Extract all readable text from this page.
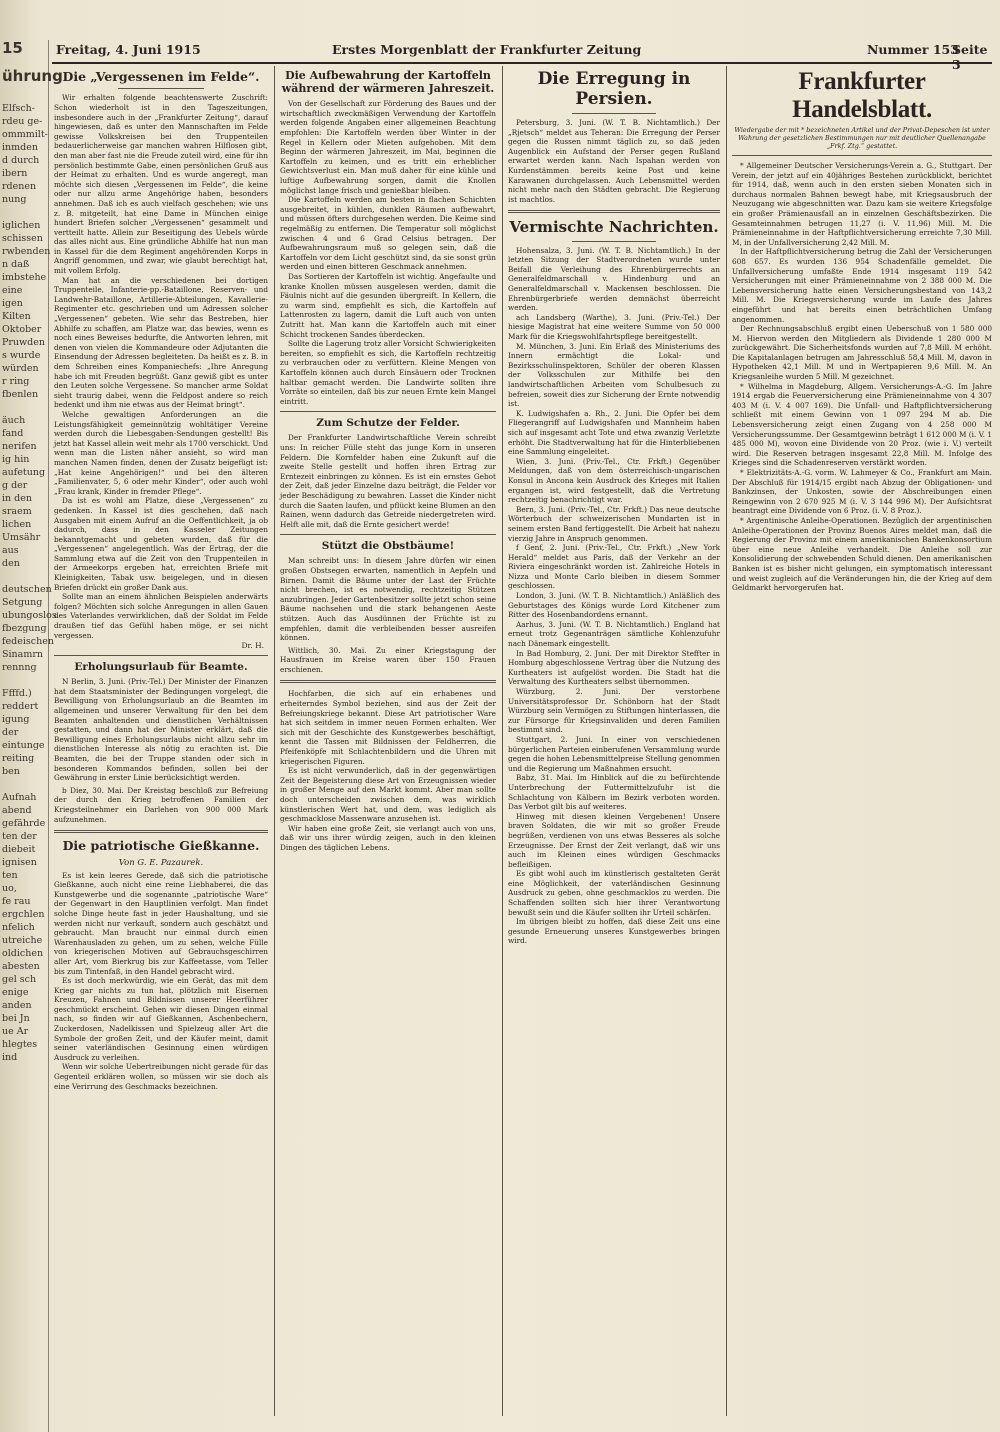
15
ührung
Elfsch-
rdeu ge-
ommmilt-
inmden
d durch
ibern
rdenen
nung

iglichen
schissen
rwbenden
n daß
imbstehe
eine
igen
Kilten
Oktober
Pruwden
s wurde
würden
r ring
fbenlen

äuch
fand
nerifen
ig hin
aufetung
g der
in den
sraem
lichen
Umsähr
aus
den

deutschen
Setgung
ubungoslos
fbezgung
fedeischen
Sinamrn
rennng

Ffffd.)
reddert
igung
der
eintunge
reiting
ben

Aufnah
abend
gefährde
ten der
diebeit
ignisen
ten
uo,
fe rau
ergchlen
nfelich
utreiche
oldichen
abesten
gel sch
enige
anden
bei Jn
ue Ar
hlegtes
ind
Freitag, 4. Juni 1915	Erstes Morgenblatt der Frankfurter Zeitung	Nummer 153
Seite 3
Die „Vergessenen im Felde“.

Wir erhalten folgende beachtenswerte Zuschrift: Schon wiederholt ist in den Tageszeitungen, insbesondere auch in der „Frankfurter Zeitung“, darauf hingewiesen, daß es unter den Mannschaften im Felde gewisse Volkskreisen bei den Truppenteilen bedauerlicherweise gar manchen wahren Hilflosen gibt, den man aber fast nie die Freude zuteil wird, eine für ihn persönlich bestimmte Gabe, einen persönlichen Gruß aus der Heimat zu erhalten. Und es wurde angeregt, man möchte sich diesen „Vergessenen im Felde“, die keine oder nur allzu arme Angehörige haben, besonders annehmen. Daß ich es auch vielfach geschehen; wie uns z. B. mitgeteilt, hat eine Dame in München einige hundert Briefen solcher „Vergessenen“ gesammelt und vertteilt hatte. Allein zur Beseitigung des Uebels würde das alles nicht aus. Eine gründliche Abhilfe hat nun man in Kassel für die dem Regiment angehörenden Korps in Angriff genommen, und zwar, wie glaubt berechtigt hat, mit vollem Erfolg.

Man hat an die verschiedenen bei dortigen Truppenteile, Infanterie-pp.-Bataillone, Reserven- und Landwehr-Bataillone, Artillerie-Abteilungen, Kavallerie-Regimenter etc. geschrieben und um Adressen solcher „Vergessenen“ gebeten. Wie sehr das Bestreben, hier Abhilfe zu schaffen, am Platze war, das bewies, wenn es noch eines Beweises bedurfte, die Antworten lehren, mit denen von vielen die Kommandeure oder Adjutanten die Einsendung der Adressen begleiteten. Da heißt es z. B. in dem Schreiben eines Kompaniechefs: „Ihre Anregung habe ich mit Freuden begrüßt. Ganz gewiß gibt es unter den Leuten solche Vergessene. So mancher arme Soldat sieht traurig dabei, wenn die Feldpost andere so reich bedenkt und ihm nie etwas aus der Heimat bringt“.

Welche gewaltigen Anforderungen an die Leistungsfähigkeit gemeinnützig wohltätiger Vereine werden durch die Liebesgaben-Sendungen gestellt! Bis jetzt hat Kassel allein weit mehr als 1700 verschickt. Und wenn man die Listen näher ansieht, so wird man manchen Namen finden, denen der Zusatz beigefügt ist: „Hat keine Angehörigen!“ und bei den älteren „Familienvater, 5, 6 oder mehr Kinder“, oder auch wohl „Frau krank, Kinder in fremder Pflege“.

Da ist es wohl am Platze, diese „Vergessenen“ zu gedenken. In Kassel ist dies geschehen, daß nach Ausgaben mit einem Aufruf an die Oeffentlichkeit, ja ob dadurch, dass in den Kasseler Zeitungen bekanntgemacht und gebeten wurden, daß für die „Vergessenen“ angelegentlich. Was der Ertrag, der die Sammlung etwa auf die Zeit von den Truppenteilen in der Armeekorps ergeben hat, erreichten Briefe mit Kleinigkeiten, Tabak usw. beigelegen, und in diesen Briefen drückt ein großer Dank aus.

Sollte man an einem ähnlichen Beispielen anderwärts folgen? Möchten sich solche Anregungen in allen Gauen des Vaterlandes verwirklichen, daß der Soldat im Felde draußen tief das Gefühl haben möge, er sei nicht vergessen.

Dr. H.
Erholungsurlaub für Beamte.

N Berlin, 3. Juni. (Priv.-Tel.) Der Minister der Finanzen hat dem Staatsminister der Bedingungen vorgelegt, die Bewilligung von Erholungsurlaub an die Beamten im allgemeinen und unserer Verwaltung für den bei dem Beamten anhaltenden und dienstlichen Verhältnissen gestatten, und dann hat der Minister erklärt, daß die Bewilligung eines Erholungsurlaubs nicht allzu sehr im dienstlichen Interesse als nötig zu erachten ist. Die Beamten, die bei der Truppe standen oder sich in besonderen Kommandos befinden, sollen bei der Gewährung in erster Linie berücksichtigt werden.

b Diez, 30. Mai. Der Kreistag beschloß zur Befreiung der durch den Krieg betroffenen Familien der Kriegsteilnehmer ein Darlehen von 900 000 Mark aufzunehmen.

Die patriotische Gießkanne.
Von G. E. Pazaurek.

Es ist kein leeres Gerede, daß sich die patriotische Gießkanne, auch nicht eine reine Liebhaberei, die das Kunstgewerbe und die sogenannte „patriotische Ware“ der Gegenwart in den Hauptlinien verfolgt. Man findet solche Dinge heute fast in jeder Haushaltung, und sie werden nicht nur verkauft, sondern auch geschätzt und gebraucht. Man braucht nur einmal durch einen Warenhausladen zu gehen, um zu sehen, welche Fülle von kriegerischen Motiven auf Gebrauchsgeschirren aller Art, vom Bierkrug bis zur Kaffeetasse, vom Teller bis zum Tintenfaß, in den Handel gebracht wird.

Es ist doch merkwürdig, wie ein Gerät, das mit dem Krieg gar nichts zu tun hat, plötzlich mit Eisernen Kreuzen, Fahnen und Bildnissen unserer Heerführer geschmückt erscheint. Gehen wir diesen Dingen einmal nach, so finden wir auf Gießkannen, Aschenbechern, Zuckerdosen, Nadelkissen und Spielzeug aller Art die Symbole der großen Zeit, und der Käufer meint, damit seiner vaterländischen Gesinnung einen würdigen Ausdruck zu verleihen.

Wenn wir solche Uebertreibungen nicht gerade für das Gegenteil erklären wollen, so müssen wir sie doch als eine Verirrung des Geschmacks bezeichnen.

Die Aufbewahrung der Kartoffeln während der wärmeren Jahreszeit.

Von der Gesellschaft zur Förderung des Baues und der wirtschaftlich zweckmäßigen Verwendung der Kartoffeln werden folgende Angaben einer allgemeinen Beachtung empfohlen: Die Kartoffeln werden über Winter in der Regel in Kellern oder Mieten aufgehoben. Mit dem Beginn der wärmeren Jahreszeit, im Mai, beginnen die Kartoffeln zu keimen, und es tritt ein erheblicher Gewichtsverlust ein. Man muß daher für eine kühle und luftige Aufbewahrung sorgen, damit die Knollen möglichst lange frisch und genießbar bleiben.

Die Kartoffeln werden am besten in flachen Schichten ausgebreitet, in kühlen, dunklen Räumen aufbewahrt, und müssen öfters durchgesehen werden. Die Keime sind regelmäßig zu entfernen. Die Temperatur soll möglichst zwischen 4 und 6 Grad Celsius betragen. Der Aufbewahrungsraum muß so gelegen sein, daß die Kartoffeln vor dem Licht geschützt sind, da sie sonst grün werden und einen bitteren Geschmack annehmen.

Das Sortieren der Kartoffeln ist wichtig. Angefaulte und kranke Knollen müssen ausgelesen werden, damit die Fäulnis nicht auf die gesunden übergreift. In Kellern, die zu warm sind, empfiehlt es sich, die Kartoffeln auf Lattenrosten zu lagern, damit die Luft auch von unten Zutritt hat. Man kann die Kartoffeln auch mit einer Schicht trockenen Sandes überdecken.

Sollte die Lagerung trotz aller Vorsicht Schwierigkeiten bereiten, so empfiehlt es sich, die Kartoffeln rechtzeitig zu verbrauchen oder zu verfüttern. Kleine Mengen von Kartoffeln können auch durch Einsäuern oder Trocknen haltbar gemacht werden. Die Landwirte sollten ihre Vorräte so einteilen, daß bis zur neuen Ernte kein Mangel eintritt.

Zum Schutze der Felder.

Der Frankfurter Landwirtschaftliche Verein schreibt uns: In reicher Fülle steht das junge Korn in unseren Feldern. Die Kornfelder haben eine Zukunft auf die zweite Stelle gestellt und hoffen ihren Ertrag zur Erntezeit einbringen zu können. Es ist ein ernstes Gebot der Zeit, daß jeder Einzelne dazu beiträgt, die Felder vor jeder Beschädigung zu bewahren. Lasset die Kinder nicht durch die Saaten laufen, und pflückt keine Blumen an den Rainen, wenn dadurch das Getreide niedergetreten wird. Helft alle mit, daß die Ernte gesichert werde!

Stützt die Obstbäume!

Man schreibt uns: In diesem Jahre dürfen wir einen großen Obstsegen erwarten, namentlich in Aepfeln und Birnen. Damit die Bäume unter der Last der Früchte nicht brechen, ist es notwendig, rechtzeitig Stützen anzubringen. Jeder Gartenbesitzer sollte jetzt schon seine Bäume nachsehen und die stark behangenen Aeste stützen. Auch das Ausdünnen der Früchte ist zu empfehlen, damit die verbleibenden besser ausreifen können.

Wittlich, 30. Mai. Zu einer Kriegstagung der Hausfrauen im Kreise waren über 150 Frauen erschienen.

Hochfarben, die sich auf ein erhabenes und erheiterndes Symbol beziehen, sind aus der Zeit der Befreiungskriege bekannt. Diese Art patriotischer Ware hat sich seitdem in immer neuen Formen erhalten. Wer sich mit der Geschichte des Kunstgewerbes beschäftigt, kennt die Tassen mit Bildnissen der Feldherren, die Pfeifenköpfe mit Schlachtenbildern und die Uhren mit kriegerischen Figuren.

Es ist nicht verwunderlich, daß in der gegenwärtigen Zeit der Begeisterung diese Art von Erzeugnissen wieder in großer Menge auf den Markt kommt. Aber man sollte doch unterscheiden zwischen dem, was wirklich künstlerischen Wert hat, und dem, was lediglich als geschmacklose Massenware anzusehen ist.

Wir haben eine große Zeit, sie verlangt auch von uns, daß wir uns ihrer würdig zeigen, auch in den kleinen Dingen des täglichen Lebens.

Die Erregung in Persien.

Petersburg, 3. Juni. (W. T. B. Nichtamtlich.) Der „Rjetsch“ meldet aus Teheran: Die Erregung der Perser gegen die Russen nimmt täglich zu, so daß jeden Augenblick ein Aufstand der Perser gegen Rußland erwartet werden kann. Nach Ispahan werden von Kurdenstämmen bereits keine Post und keine Karawanen durchgelassen. Auch Lebensmittel werden nicht mehr nach den Städten gebracht. Die Regierung ist machtlos.

Vermischte Nachrichten.

Hohensalza, 3. Juni. (W. T. B. Nichtamtlich.) In der letzten Sitzung der Stadtverordneten wurde unter Beifall die Verleihung des Ehrenbürgerrechts an Generalfeldmarschall v. Hindenburg und an Generalfeldmarschall v. Mackensen beschlossen. Die Ehrenbürgerbriefe werden demnächst überreicht werden.

ach Landsberg (Warthe), 3. Juni. (Priv.-Tel.) Der hiesige Magistrat hat eine weitere Summe von 50 000 Mark für die Kriegswohlfahrtspflege bereitgestellt.

M. München, 3. Juni. Ein Erlaß des Ministeriums des Innern ermächtigt die Lokal- und Bezirksschulinspektoren, Schüler der oberen Klassen der Volksschulen zur Mithilfe bei den landwirtschaftlichen Arbeiten vom Schulbesuch zu befreien, soweit dies zur Sicherung der Ernte notwendig ist.

K. Ludwigshafen a. Rh., 2. Juni. Die Opfer bei dem Fliegerangriff auf Ludwigshafen und Mannheim haben sich auf insgesamt acht Tote und etwa zwanzig Verletzte erhöht. Die Stadtverwaltung hat für die Hinterbliebenen eine Sammlung eingeleitet.

Wien, 3. Juni. (Priv.-Tel., Ctr. Frkft.) Gegenüber Meldungen, daß von dem österreichisch-ungarischen Konsul in Ancona kein Ausdruck des Krieges mit Italien ergangen ist, wird festgestellt, daß die Vertretung rechtzeitig benachrichtigt war.

Bern, 3. Juni. (Priv.-Tel., Ctr. Frkft.) Das neue deutsche Wörterbuch der schweizerischen Mundarten ist in seinem ersten Band fertiggestellt. Die Arbeit hat nahezu vierzig Jahre in Anspruch genommen.

f Genf, 2. Juni. (Priv.-Tel., Ctr. Frkft.) „New York Herald“ meldet aus Paris, daß der Verkehr an der Riviera eingeschränkt worden ist. Zahlreiche Hotels in Nizza und Monte Carlo bleiben in diesem Sommer geschlossen.

London, 3. Juni. (W. T. B. Nichtamtlich.) Anläßlich des Geburtstages des Königs wurde Lord Kitchener zum Ritter des Hosenbandordens ernannt.

Aarhus, 3. Juni. (W. T. B. Nichtamtlich.) England hat erneut trotz Gegenanträgen sämtliche Kohlenzufuhr nach Dänemark eingestellt.

In Bad Homburg, 2. Juni. Der mit Direktor Steffter in Homburg abgeschlossene Vertrag über die Nutzung des Kurtheaters ist aufgelöst worden. Die Stadt hat die Verwaltung des Kurtheaters selbst übernommen.

Würzburg, 2. Juni. Der verstorbene Universitätsprofessor Dr. Schönborn hat der Stadt Würzburg sein Vermögen zu Stiftungen hinterlassen, die zur Fürsorge für Kriegsinvaliden und deren Familien bestimmt sind.

Stuttgart, 2. Juni. In einer von verschiedenen bürgerlichen Parteien einberufenen Versammlung wurde gegen die hohen Lebensmittelpreise Stellung genommen und die Regierung um Maßnahmen ersucht.

Babz, 31. Mai. Im Hinblick auf die zu befürchtende Unterbrechung der Futtermittelzufuhr ist die Schlachtung von Kälbern im Bezirk verboten worden. Das Verbot gilt bis auf weiteres.

Hinweg mit diesen kleinen Vergebenen! Unsere braven Soldaten, die wir mit so großer Freude begrüßen, verdienen von uns etwas Besseres als solche Erzeugnisse. Der Ernst der Zeit verlangt, daß wir uns auch im Kleinen eines würdigen Geschmacks befleißigen.

Es gibt wohl auch im künstlerisch gestalteten Gerät eine Möglichkeit, der vaterländischen Gesinnung Ausdruck zu geben, ohne geschmacklos zu werden. Die Schaffenden sollten sich hier ihrer Verantwortung bewußt sein und die Käufer sollten ihr Urteil schärfen.

Im übrigen bleibt zu hoffen, daß diese Zeit uns eine gesunde Erneuerung unseres Kunstgewerbes bringen wird.

Frankfurter Handelsblatt.
Wiedergabe der mit * bezeichneten Artikel und der Privat-Depeschen ist unter Wahrung der gesetzlichen Bestimmungen nur mit deutlicher Quellenangabe „Frkf. Ztg.“ gestattet.

* Allgemeiner Deutscher Versicherungs-Verein a. G., Stuttgart. Der Verein, der jetzt auf ein 40jähriges Bestehen zurückblickt, berichtet für 1914, daß, wenn auch in den ersten sieben Monaten sich in durchaus normalen Bahnen bewegt habe, mit Kriegsausbruch der Neuzugang wie abgeschnitten war. Dazu kam sie weitere Kriegsfolge ein großer Prämienausfall an in einzelnen Geschäftsbezirken. Die Gesamteinnahmen betrugen 11,27 (i. V. 11,96) Mill. M. Die Prämieneinnahme in der Haftpflichtversicherung erreichte 7,30 Mill. M, in der Unfallversicherung 2,42 Mill. M.

In der Haftpflichtversicherung betrug die Zahl der Versicherungen 608 657. Es wurden 136 954 Schadenfälle gemeldet. Die Unfallversicherung umfaßte Ende 1914 insgesamt 119 542 Versicherungen mit einer Prämieneinnahme von 2 388 000 M. Die Lebensversicherung hatte einen Versicherungsbestand von 143,2 Mill. M. Die Kriegsversicherung wurde im Laufe des Jahres eingeführt und hat bereits einen beträchtlichen Umfang angenommen.

Der Rechnungsabschluß ergibt einen Ueberschuß von 1 580 000 M. Hiervon werden den Mitgliedern als Dividende 1 280 000 M zurückgewährt. Die Sicherheitsfonds wurden auf 7,8 Mill. M erhöht. Die Kapitalanlagen betrugen am Jahresschluß 58,4 Mill. M, davon in Hypotheken 42,1 Mill. M und in Wertpapieren 9,6 Mill. M. An Kriegsanleihe wurden 5 Mill. M gezeichnet.

* Wilhelma in Magdeburg, Allgem. Versicherungs-A.-G. Im Jahre 1914 ergab die Feuerversicherung eine Prämieneinnahme von 4 307 403 M (i. V. 4 007 169). Die Unfall- und Haftpflichtversicherung schließt mit einem Gewinn von 1 097 294 M ab. Die Lebensversicherung zeigt einen Zugang von 4 258 000 M Versicherungssumme. Der Gesamtgewinn beträgt 1 612 000 M (i. V. 1 485 000 M), wovon eine Dividende von 20 Proz. (wie i. V.) verteilt wird. Die Reserven betragen insgesamt 22,8 Mill. M. Infolge des Krieges sind die Schadenreserven verstärkt worden.

* Elektrizitäts-A.-G. vorm. W. Lahmeyer & Co., Frankfurt am Main. Der Abschluß für 1914/15 ergibt nach Abzug der Obligationen- und Bankzinsen, der Unkosten, sowie der Abschreibungen einen Reingewinn von 2 670 925 M (i. V. 3 144 996 M). Der Aufsichtsrat beantragt eine Dividende von 6 Proz. (i. V. 8 Proz.).

* Argentinische Anleihe-Operationen. Bezüglich der argentinischen Anleihe-Operationen der Provinz Buenos Aires meldet man, daß die Regierung der Provinz mit einem amerikanischen Bankenkonsortium über eine neue Anleihe verhandelt. Die Anleihe soll zur Konsolidierung der schwebenden Schuld dienen. Den amerikanischen Banken ist es bisher nicht gelungen, ein symptomatisch interessant und weist zugleich auf die Veränderungen hin, die der Krieg auf dem Geldmarkt hervorgerufen hat.
